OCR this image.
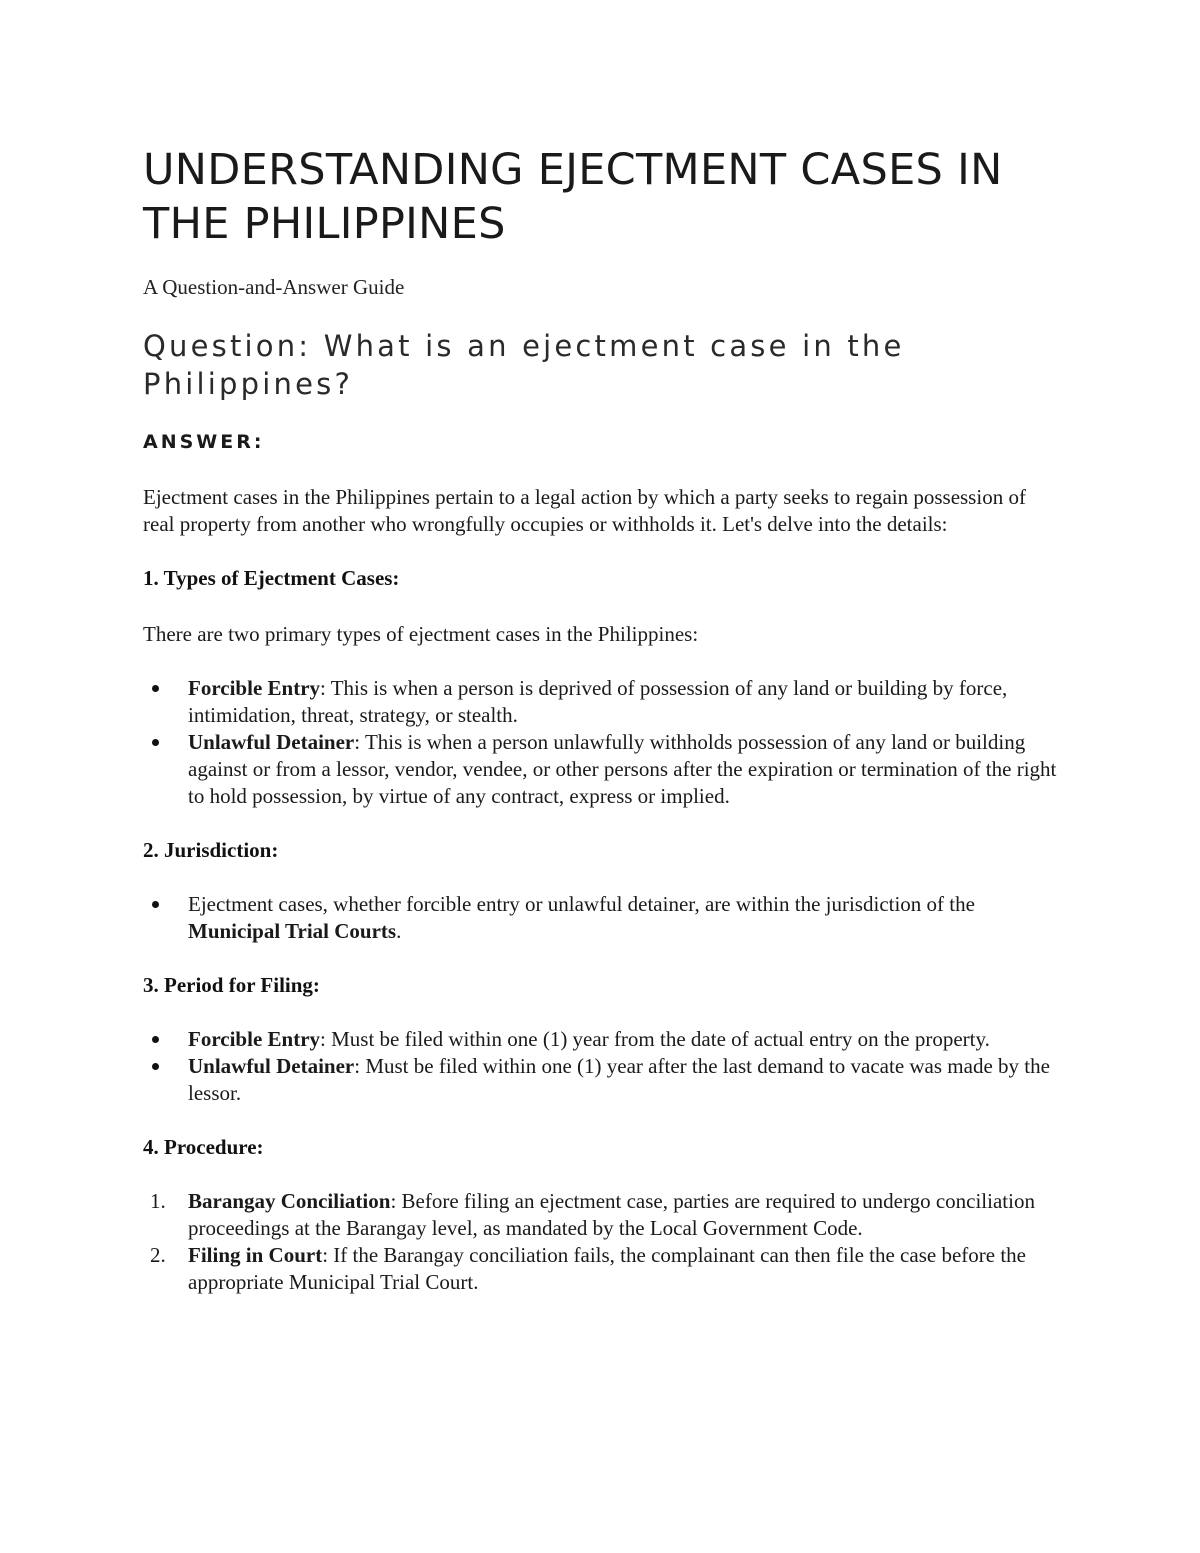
UNDERSTANDING EJECTMENT CASES IN THE PHILIPPINES

A Question-and-Answer Guide

Question: What is an ejectment case in the Philippines?
ANSWER:

Ejectment cases in the Philippines pertain to a legal action by which a party seeks to regain possession of real property from another who wrongfully occupies or withholds it. Let's delve into the details:

1. Types of Ejectment Cases:

There are two primary types of ejectment cases in the Philippines:

Forcible Entry: This is when a person is deprived of possession of any land or building by force, intimidation, threat, strategy, or stealth.
Unlawful Detainer: This is when a person unlawfully withholds possession of any land or building against or from a lessor, vendor, vendee, or other persons after the expiration or termination of the right to hold possession, by virtue of any contract, express or implied.
2. Jurisdiction:
Ejectment cases, whether forcible entry or unlawful detainer, are within the jurisdiction of the Municipal Trial Courts.
3. Period for Filing:
Forcible Entry: Must be filed within one (1) year from the date of actual entry on the property.
Unlawful Detainer: Must be filed within one (1) year after the last demand to vacate was made by the lessor.
4. Procedure:
1. Barangay Conciliation: Before filing an ejectment case, parties are required to undergo conciliation proceedings at the Barangay level, as mandated by the Local Government Code.
2. Filing in Court: If the Barangay conciliation fails, the complainant can then file the case before the appropriate Municipal Trial Court.
